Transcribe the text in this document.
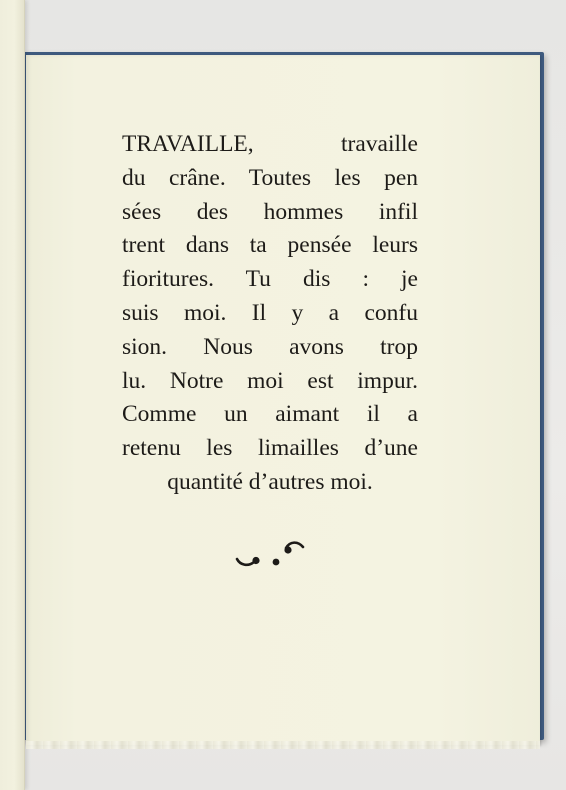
TRAVAILLE, travaille
du crâne. Toutes les pen
sées des hommes infil
trent dans ta pensée leurs
fioritures. Tu dis : je
suis moi. Il y a confu
sion. Nous avons trop
lu. Notre moi est impur.
Comme un aimant il a
retenu les limailles d’une
quantité d’autres moi.
